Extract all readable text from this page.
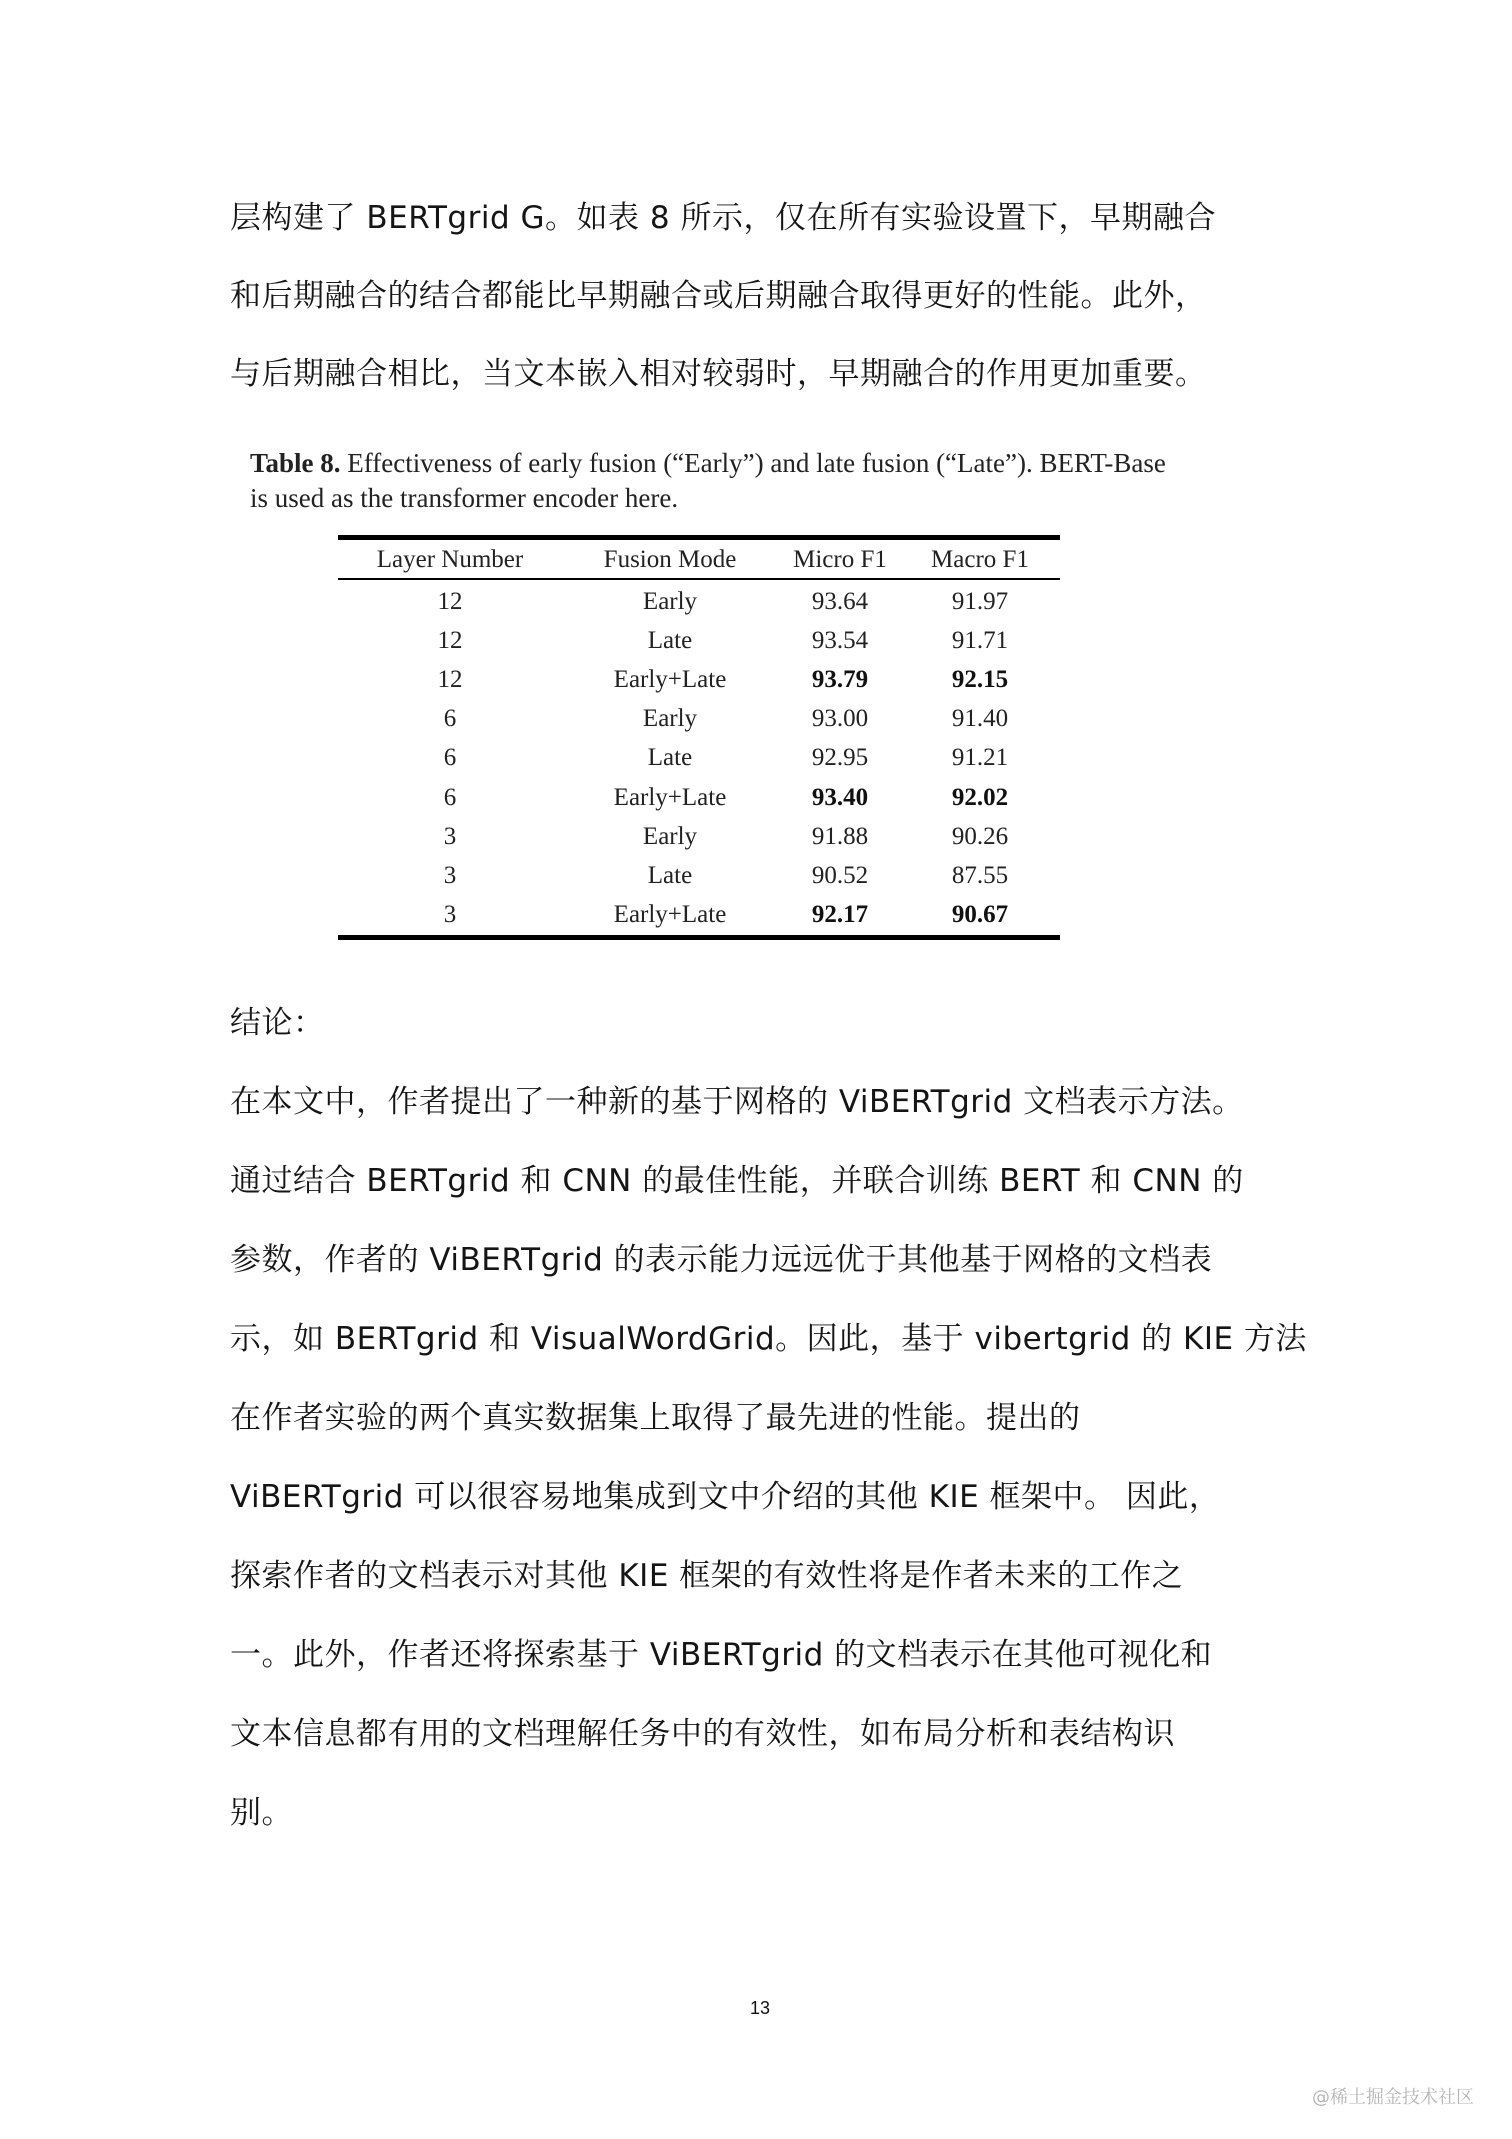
层构建了 BERTgrid G。如表 8 所示，仅在所有实验设置下，早期融合
和后期融合的结合都能比早期融合或后期融合取得更好的性能。此外，
与后期融合相比，当文本嵌入相对较弱时，早期融合的作用更加重要。
Table 8. Effectiveness of early fusion (“Early”) and late fusion (“Late”). BERT-Base
is used as the transformer encoder here.
Layer Number	Fusion Mode	Micro F1	Macro F1
12	Early	93.64	91.97
12	Late	93.54	91.71
12	Early+Late	93.79	92.15
6	Early	93.00	91.40
6	Late	92.95	91.21
6	Early+Late	93.40	92.02
3	Early	91.88	90.26
3	Late	90.52	87.55
3	Early+Late	92.17	90.67
结论：
在本文中，作者提出了一种新的基于网格的 ViBERTgrid 文档表示方法。
通过结合 BERTgrid 和 CNN 的最佳性能，并联合训练 BERT 和 CNN 的
参数，作者的 ViBERTgrid 的表示能力远远优于其他基于网格的文档表
示，如 BERTgrid 和 VisualWordGrid。因此，基于 vibertgrid 的 KIE 方法
在作者实验的两个真实数据集上取得了最先进的性能。提出的
ViBERTgrid 可以很容易地集成到文中介绍的其他 KIE 框架中。 因此，
探索作者的文档表示对其他 KIE 框架的有效性将是作者未来的工作之
一。此外，作者还将探索基于 ViBERTgrid 的文档表示在其他可视化和
文本信息都有用的文档理解任务中的有效性，如布局分析和表结构识
别。
13
@稀土掘金技术社区
